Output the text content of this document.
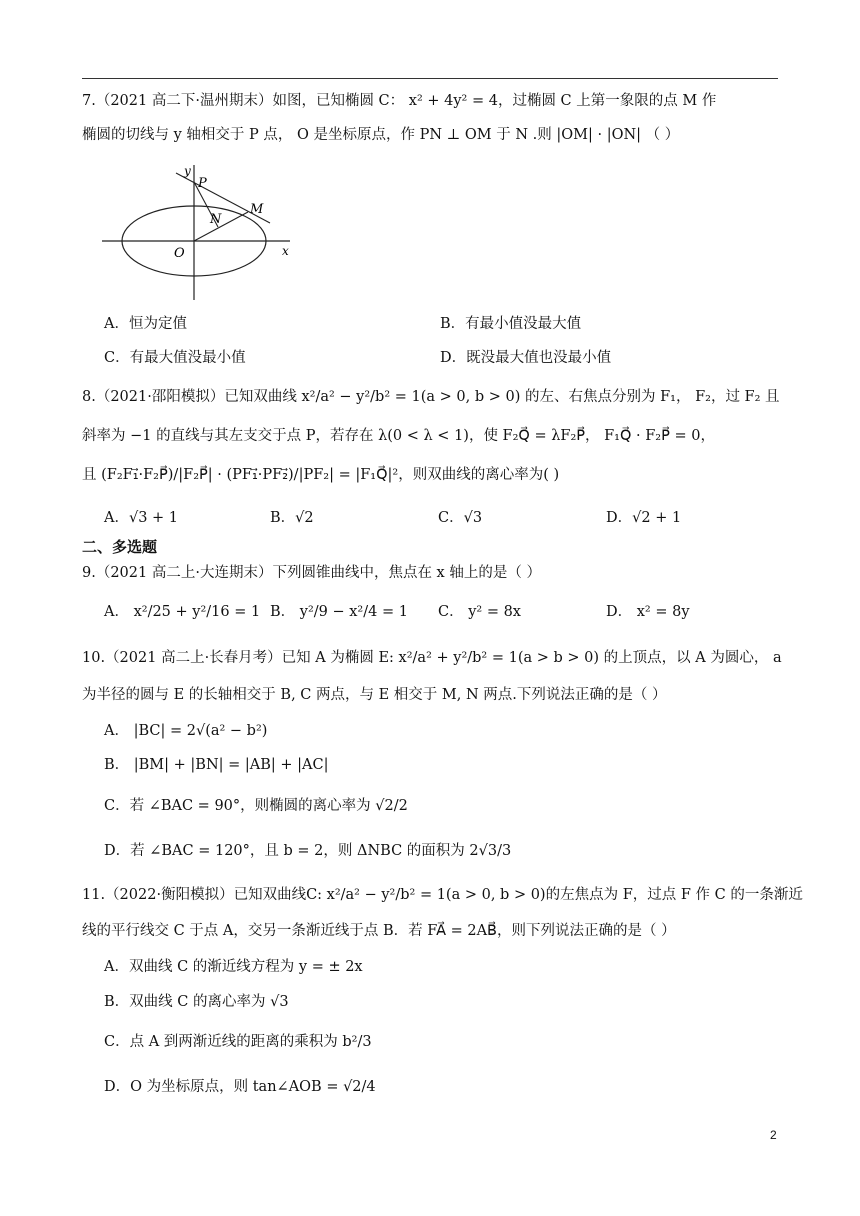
7.（2021 高二下·温州期末）如图，已知椭圆 C： x² + 4y² = 4，过椭圆 C 上第一象限的点 M 作
椭圆的切线与 y 轴相交于 P 点， O 是坐标原点，作 PN ⊥ OM 于 N .则 |OM| · |ON| （ ）
y
P
M
N
O	x
A．恒为定值	B．有最小值没最大值
C．有最大值没最小值	D．既没最大值也没最小值
8.（2021·邵阳模拟）已知双曲线 x²/a² − y²/b² = 1(a > 0, b > 0) 的左、右焦点分别为 F₁， F₂，过 F₂ 且
斜率为 −1 的直线与其左支交于点 P，若存在 λ(0 < λ < 1)，使 F₂Q⃗ = λF₂P⃗， F₁Q⃗ · F₂P⃗ = 0，
且 (F₂F₁⃗·F₂P⃗)/|F₂P⃗| · (PF₁⃗·PF₂⃗)/|PF₂| = |F₁Q⃗|²，则双曲线的离心率为( )
A．√3 + 1	B．√2	C．√3	D．√2 + 1
二、多选题
9.（2021 高二上·大连期末）下列圆锥曲线中，焦点在 x 轴上的是（ ）
A． x²/25 + y²/16 = 1 B． y²/9 − x²/4 = 1 C． y² = 8x	D． x² = 8y
10.（2021 高二上·长春月考）已知 A 为椭圆 E: x²/a² + y²/b² = 1(a > b > 0) 的上顶点，以 A 为圆心， a
为半径的圆与 E 的长轴相交于 B, C 两点，与 E 相交于 M, N 两点.下列说法正确的是（ ）
A． |BC| = 2√(a² − b²)
B． |BM| + |BN| = |AB| + |AC|
C．若 ∠BAC = 90°，则椭圆的离心率为 √2/2
D．若 ∠BAC = 120°，且 b = 2，则 ΔNBC 的面积为 2√3/3
11.（2022·衡阳模拟）已知双曲线C: x²/a² − y²/b² = 1(a > 0, b > 0)的左焦点为 F，过点 F 作 C 的一条渐近
线的平行线交 C 于点 A，交另一条渐近线于点 B．若 FA⃗ = 2AB⃗，则下列说法正确的是（ ）
A．双曲线 C 的渐近线方程为 y = ± 2x
B．双曲线 C 的离心率为 √3
C．点 A 到两渐近线的距离的乘积为 b²/3
D．O 为坐标原点，则 tan∠AOB = √2/4
2
